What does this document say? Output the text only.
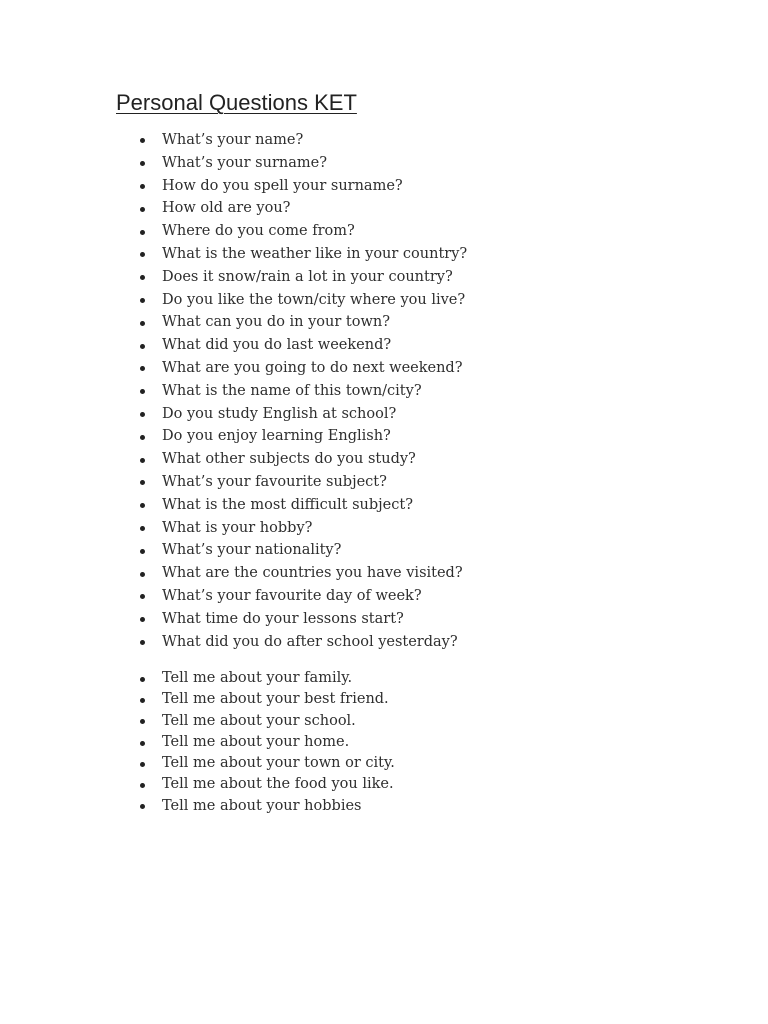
Personal Questions KET
What’s your name?
What’s your surname?
How do you spell your surname?
How old are you?
Where do you come from?
What is the weather like in your country?
Does it snow/rain a lot in your country?
Do you like the town/city where you live?
What can you do in your town?
What did you do last weekend?
What are you going to do next weekend?
What is the name of this town/city?
Do you study English at school?
Do you enjoy learning English?
What other subjects do you study?
What’s your favourite subject?
What is the most difficult subject?
What is your hobby?
What’s your nationality?
What are the countries you have visited?
What’s your favourite day of week?
What time do your lessons start?
What did you do after school yesterday?
Tell me about your family.
Tell me about your best friend.
Tell me about your school.
Tell me about your home.
Tell me about your town or city.
Tell me about the food you like.
Tell me about your hobbies
